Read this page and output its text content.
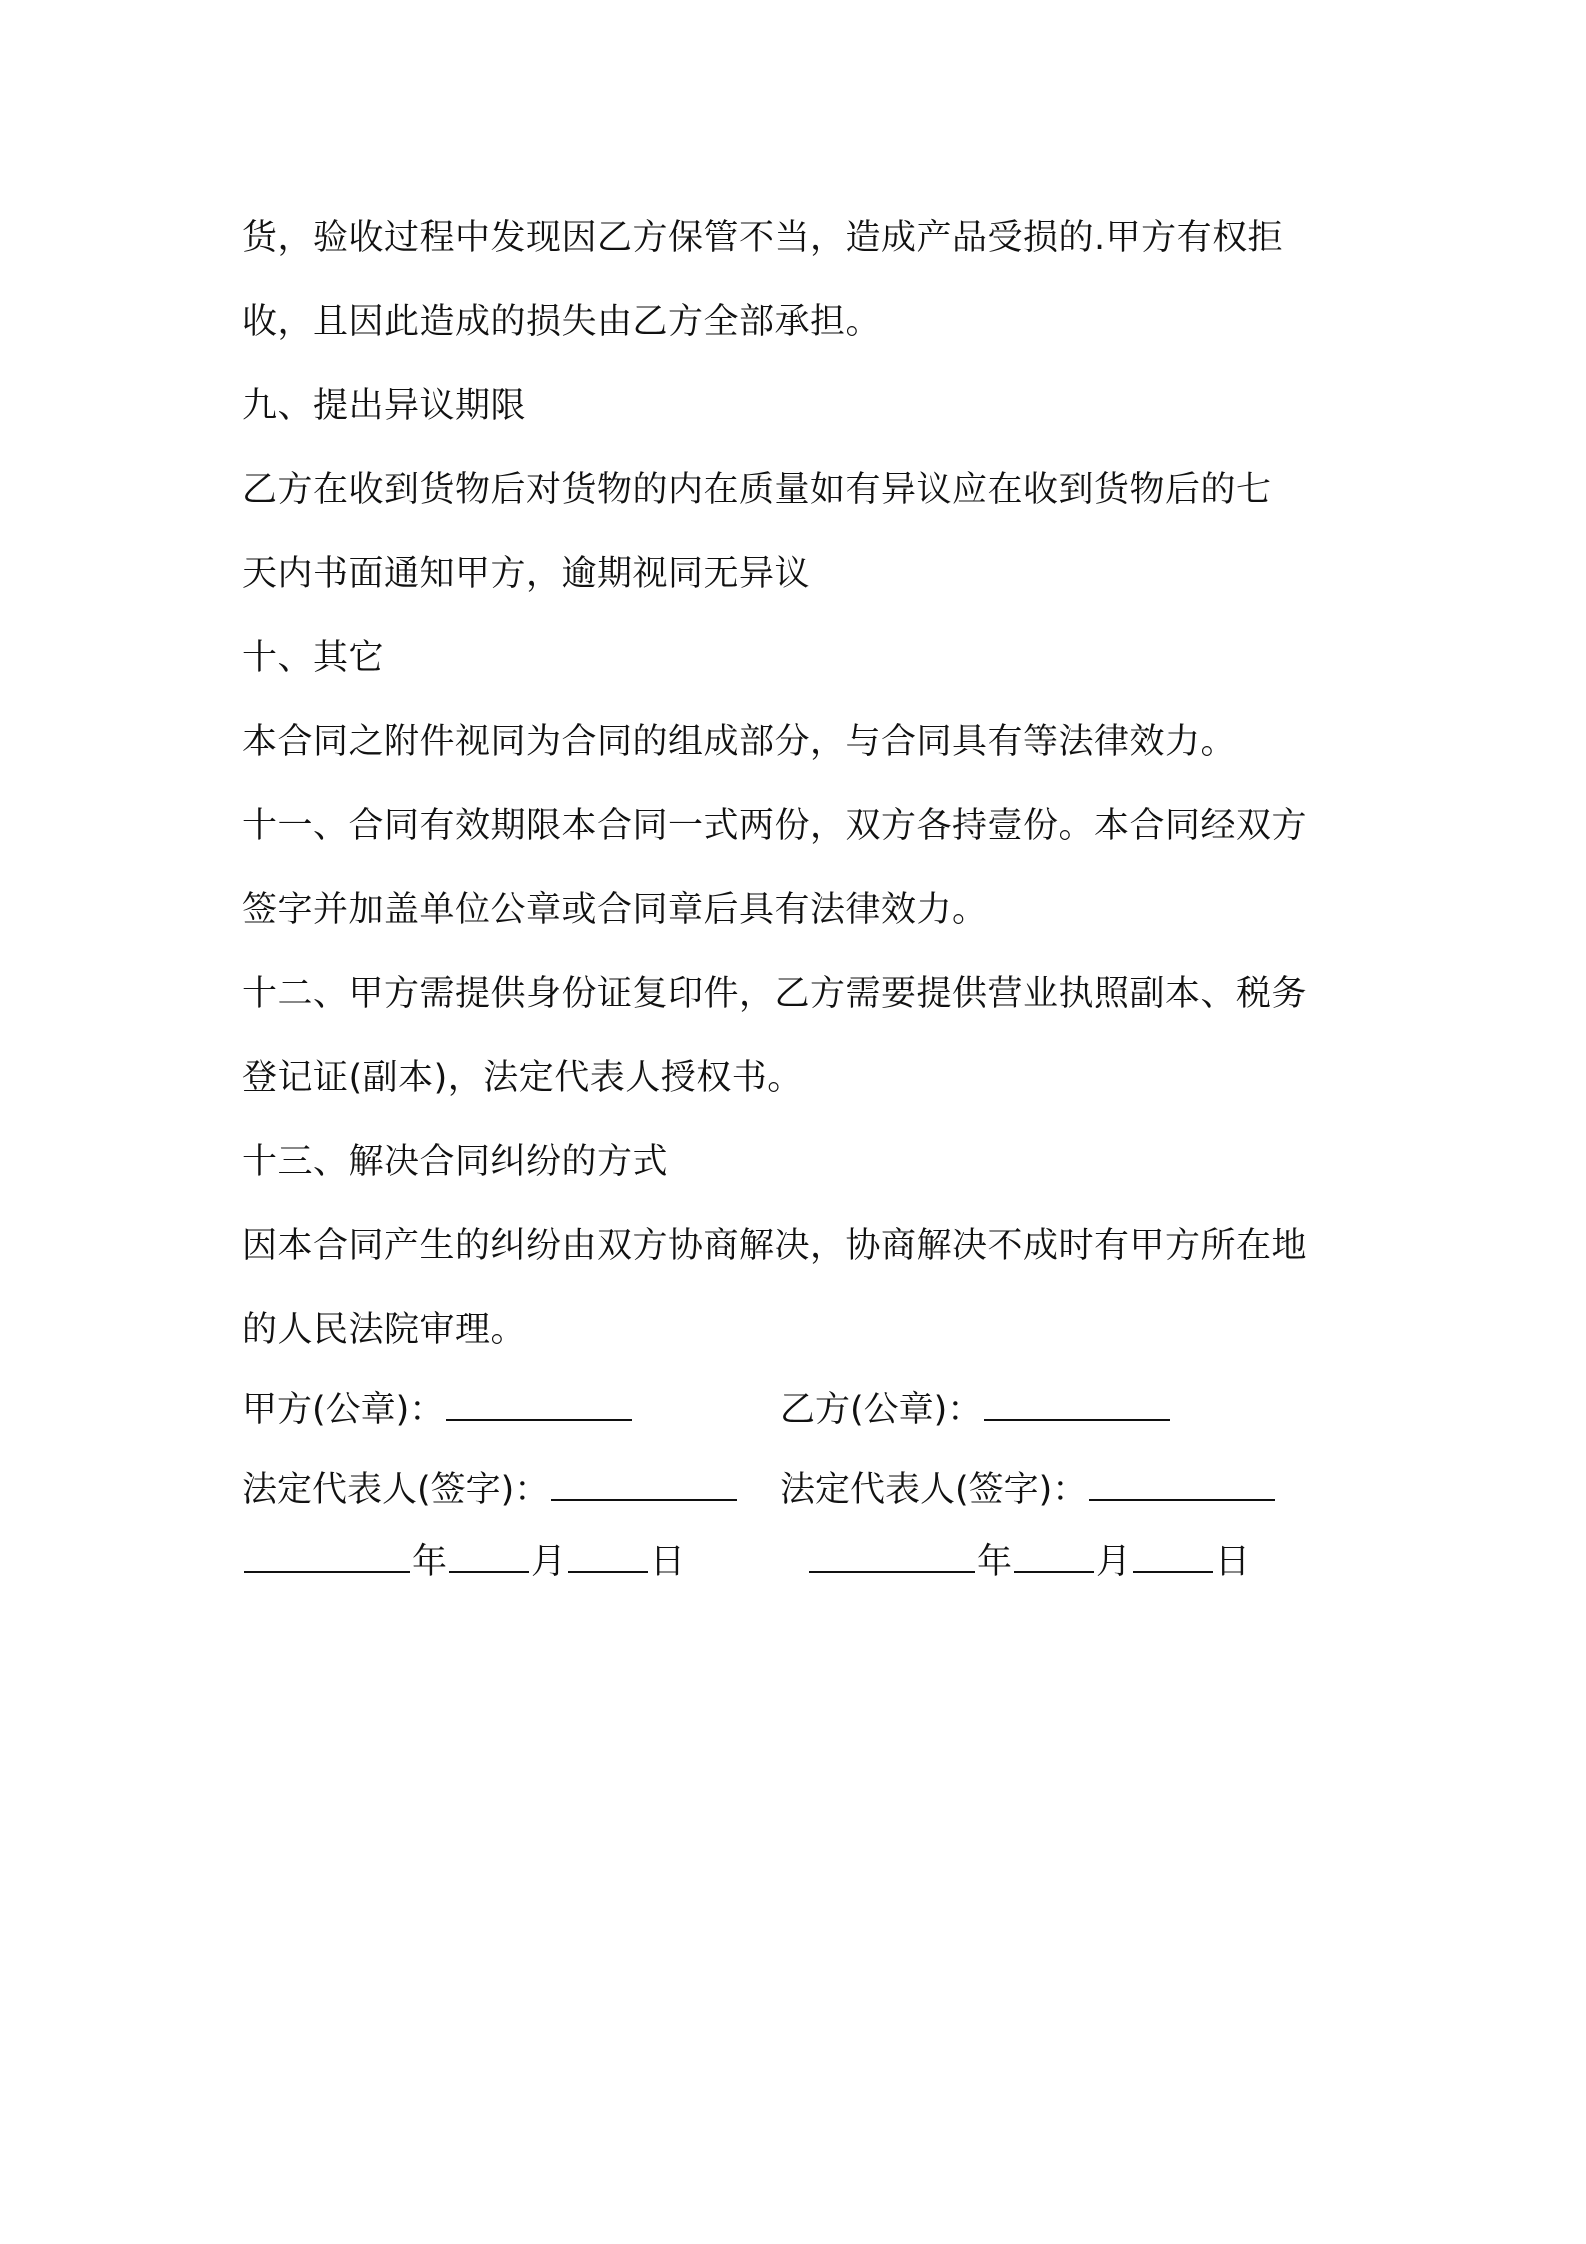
货，验收过程中发现因乙方保管不当，造成产品受损的.甲方有权拒
收，且因此造成的损失由乙方全部承担。
九、提出异议期限
乙方在收到货物后对货物的内在质量如有异议应在收到货物后的七
天内书面通知甲方，逾期视同无异议
十、其它
本合同之附件视同为合同的组成部分，与合同具有等法律效力。
十一、合同有效期限本合同一式两份，双方各持壹份。本合同经双方
签字并加盖单位公章或合同章后具有法律效力。
十二、甲方需提供身份证复印件，乙方需要提供营业执照副本、税务
登记证(副本)，法定代表人授权书。
十三、解决合同纠纷的方式
因本合同产生的纠纷由双方协商解决，协商解决不成时有甲方所在地
的人民法院审理。
甲方(公章)：	乙方(公章)：
法定代表人(签字)：	法定代表人(签字)：
年 月 日	年 月 日
